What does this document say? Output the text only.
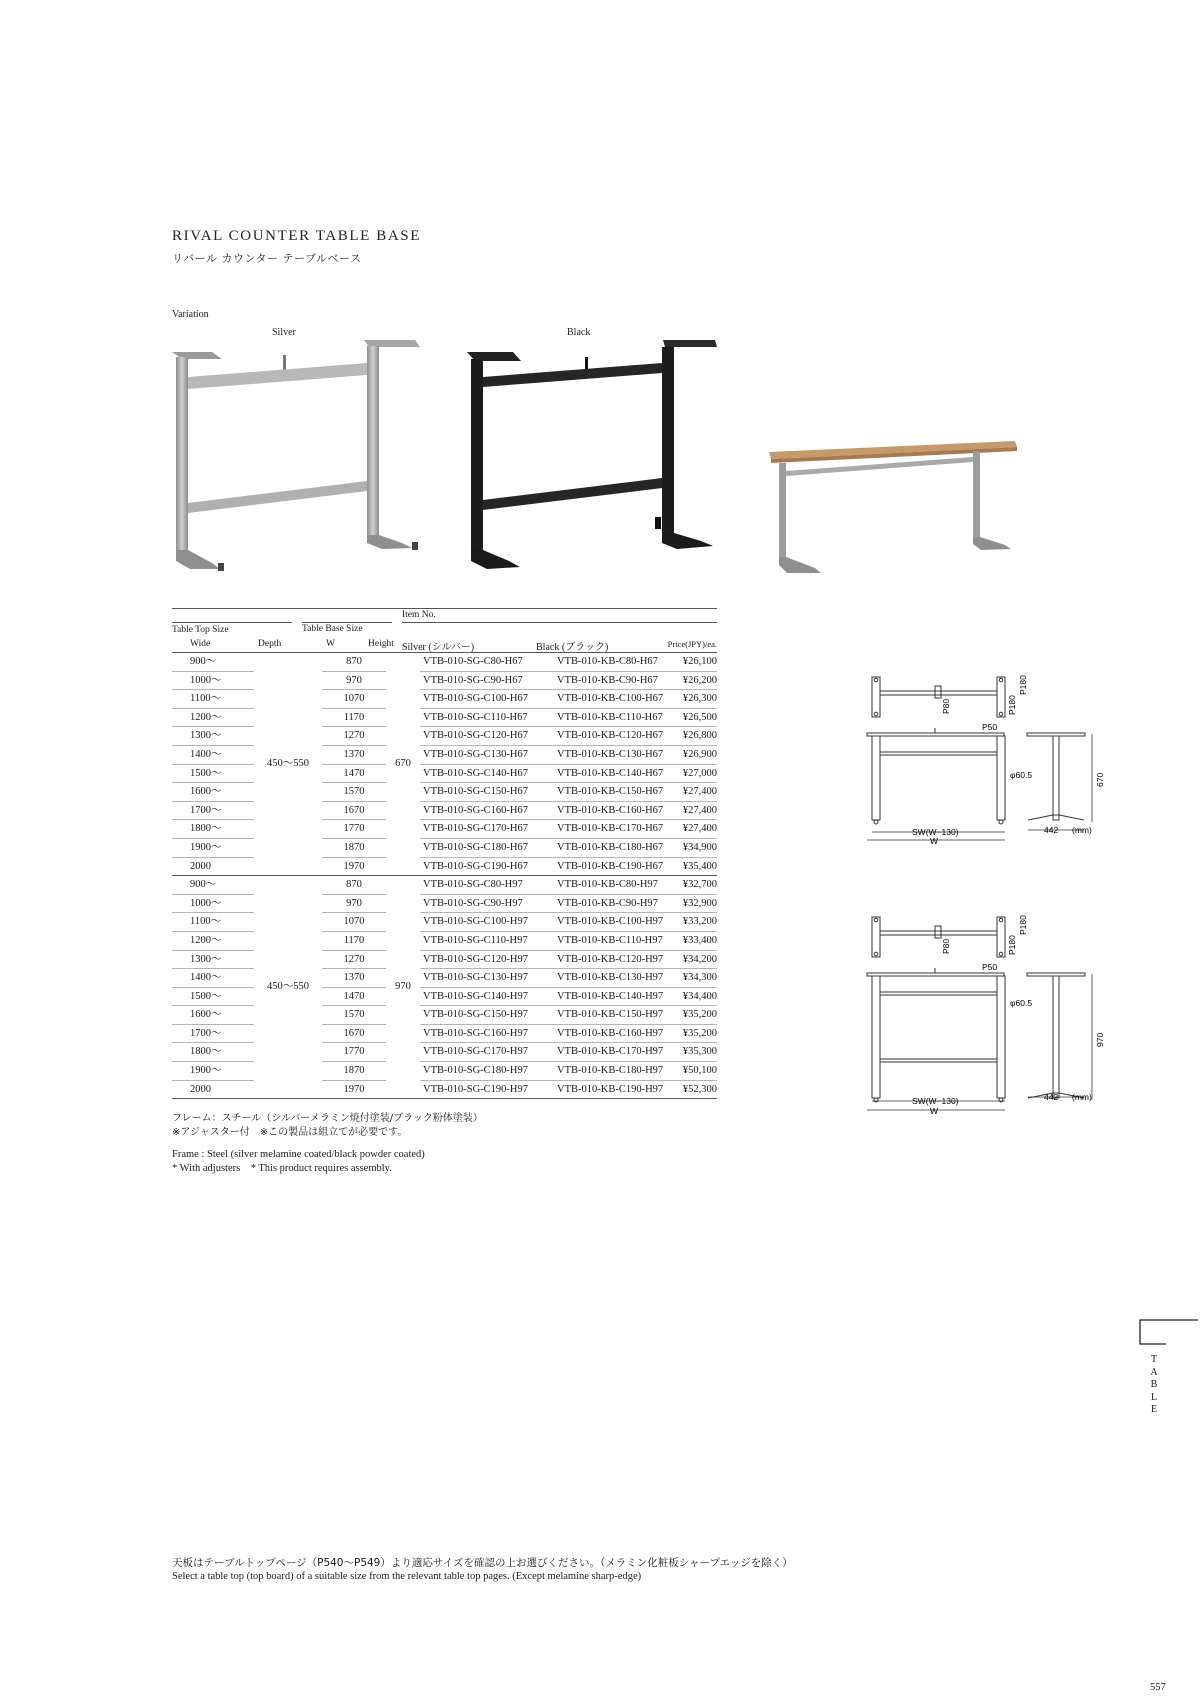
RIVAL COUNTER TABLE BASE
リバール カウンター テーブルベース
Variation
Silver	Black
Item No.
Table Top Size	Table Base Size
Wide	Depth	W	Height Silver (シルバー)	Black (ブラック)	Price(JPY)/ea.
900～	450～550	870	670	VTB-010-SG-C80-H67	VTB-010-KB-C80-H67	¥26,100
1000～		970		VTB-010-SG-C90-H67	VTB-010-KB-C90-H67	¥26,200
1100～		1070		VTB-010-SG-C100-H67	VTB-010-KB-C100-H67	¥26,300
1200～		1170		VTB-010-SG-C110-H67	VTB-010-KB-C110-H67	¥26,500
1300～		1270		VTB-010-SG-C120-H67	VTB-010-KB-C120-H67	¥26,800
1400～		1370		VTB-010-SG-C130-H67	VTB-010-KB-C130-H67	¥26,900
1500～		1470		VTB-010-SG-C140-H67	VTB-010-KB-C140-H67	¥27,000
1600～		1570		VTB-010-SG-C150-H67	VTB-010-KB-C150-H67	¥27,400
1700～		1670		VTB-010-SG-C160-H67	VTB-010-KB-C160-H67	¥27,400
1800～		1770		VTB-010-SG-C170-H67	VTB-010-KB-C170-H67	¥27,400
1900～		1870		VTB-010-SG-C180-H67	VTB-010-KB-C180-H67	¥34,900
2000		1970		VTB-010-SG-C190-H67	VTB-010-KB-C190-H67	¥35,400
900～	450～550	870	970	VTB-010-SG-C80-H97	VTB-010-KB-C80-H97	¥32,700
1000～		970		VTB-010-SG-C90-H97	VTB-010-KB-C90-H97	¥32,900
1100～		1070		VTB-010-SG-C100-H97	VTB-010-KB-C100-H97	¥33,200
1200～		1170		VTB-010-SG-C110-H97	VTB-010-KB-C110-H97	¥33,400
1300～		1270		VTB-010-SG-C120-H97	VTB-010-KB-C120-H97	¥34,200
1400～		1370		VTB-010-SG-C130-H97	VTB-010-KB-C130-H97	¥34,300
1500～		1470		VTB-010-SG-C140-H97	VTB-010-KB-C140-H97	¥34,400
1600～		1570		VTB-010-SG-C150-H97	VTB-010-KB-C150-H97	¥35,200
1700～		1670		VTB-010-SG-C160-H97	VTB-010-KB-C160-H97	¥35,200
1800～		1770		VTB-010-SG-C170-H97	VTB-010-KB-C170-H97	¥35,300
1900～		1870		VTB-010-SG-C180-H97	VTB-010-KB-C180-H97	¥50,100
2000		1970		VTB-010-SG-C190-H97	VTB-010-KB-C190-H97	¥52,300
フレーム：スチール（シルバーメラミン焼付塗装/ブラック粉体塗装）
※アジャスター付　※この製品は組立てが必要です。
Frame : Steel (silver melamine coated/black powder coated)
* With adjusters　* This product requires assembly.
P80	P180
P180
P50
φ60.5	670
442 (mm)
SW(W−130)
W
P80	P180
P180
P50
φ60.5
970
442 (mm)
SW(W−130)
W
T
A
B
L
E
天板はテーブルトップページ（P540～P549）より適応サイズを確認の上お選びください。（メラミン化粧板シャープエッジを除く）
Select a table top (top board) of a suitable size from the relevant table top pages. (Except melamine sharp-edge)
557
